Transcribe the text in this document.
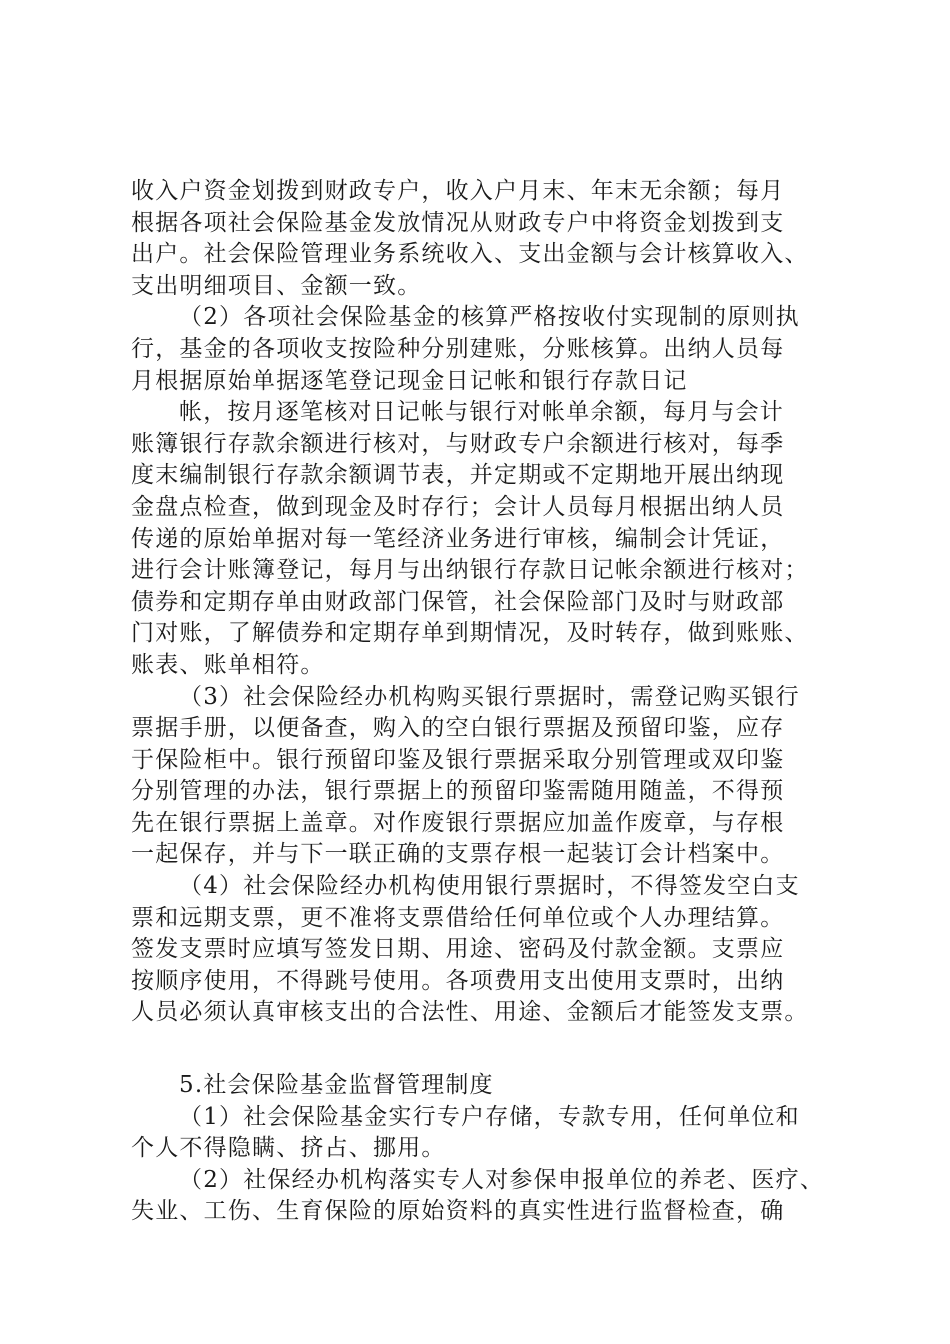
收入户资金划拨到财政专户，收入户月末、年末无余额；每月
根据各项社会保险基金发放情况从财政专户中将资金划拨到支
出户。社会保险管理业务系统收入、支出金额与会计核算收入、
支出明细项目、金额一致。
（2）各项社会保险基金的核算严格按收付实现制的原则执
行，基金的各项收支按险种分别建账，分账核算。出纳人员每
月根据原始单据逐笔登记现金日记帐和银行存款日记
帐，按月逐笔核对日记帐与银行对帐单余额，每月与会计
账簿银行存款余额进行核对，与财政专户余额进行核对，每季
度末编制银行存款余额调节表，并定期或不定期地开展出纳现
金盘点检查，做到现金及时存行；会计人员每月根据出纳人员
传递的原始单据对每一笔经济业务进行审核，编制会计凭证，
进行会计账簿登记，每月与出纳银行存款日记帐余额进行核对；
债券和定期存单由财政部门保管，社会保险部门及时与财政部
门对账，了解债券和定期存单到期情况，及时转存，做到账账、
账表、账单相符。
（3）社会保险经办机构购买银行票据时，需登记购买银行
票据手册，以便备查，购入的空白银行票据及预留印鉴，应存
于保险柜中。银行预留印鉴及银行票据采取分别管理或双印鉴
分别管理的办法，银行票据上的预留印鉴需随用随盖，不得预
先在银行票据上盖章。对作废银行票据应加盖作废章，与存根
一起保存，并与下一联正确的支票存根一起装订会计档案中。
（4）社会保险经办机构使用银行票据时，不得签发空白支
票和远期支票，更不准将支票借给任何单位或个人办理结算。
签发支票时应填写签发日期、用途、密码及付款金额。支票应
按顺序使用，不得跳号使用。各项费用支出使用支票时，出纳
人员必须认真审核支出的合法性、用途、金额后才能签发支票。
5.社会保险基金监督管理制度
（1）社会保险基金实行专户存储，专款专用，任何单位和
个人不得隐瞒、挤占、挪用。
（2）社保经办机构落实专人对参保申报单位的养老、医疗、
失业、工伤、生育保险的原始资料的真实性进行监督检查，确
